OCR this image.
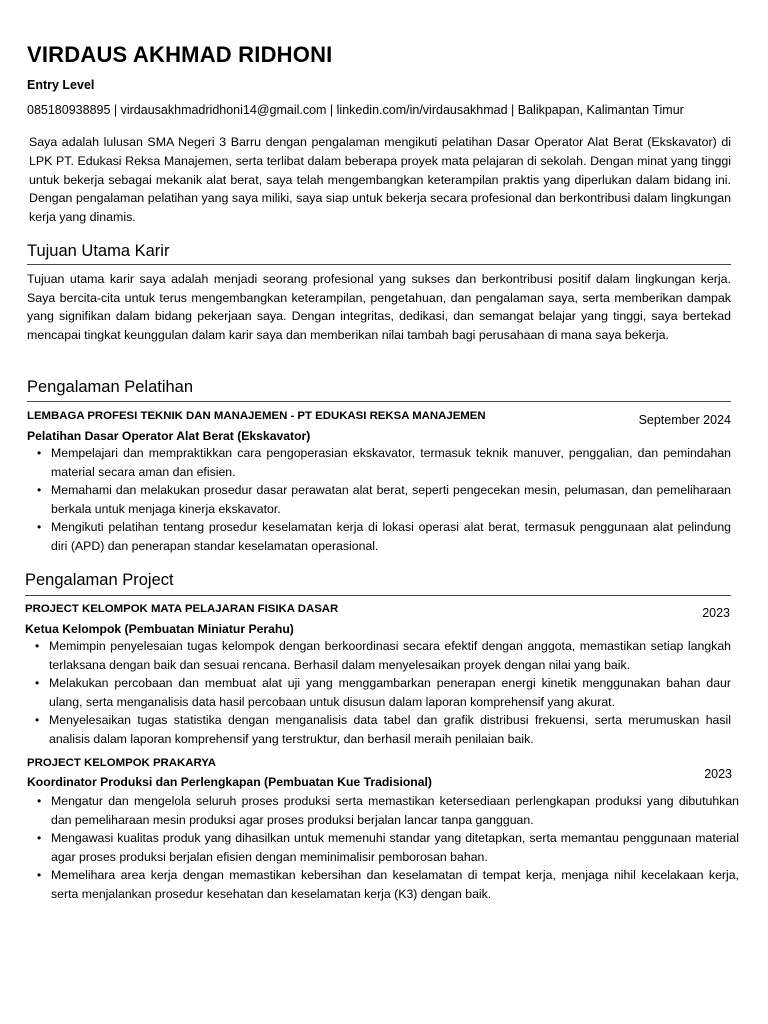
VIRDAUS AKHMAD RIDHONI
Entry Level
085180938895 | virdausakhmadridhoni14@gmail.com | linkedin.com/in/virdausakhmad | Balikpapan, Kalimantan Timur

Saya adalah lulusan SMA Negeri 3 Barru dengan pengalaman mengikuti pelatihan Dasar Operator Alat Berat (Ekskavator) di LPK PT. Edukasi Reksa Manajemen, serta terlibat dalam beberapa proyek mata pelajaran di sekolah. Dengan minat yang tinggi untuk bekerja sebagai mekanik alat berat, saya telah mengembangkan keterampilan praktis yang diperlukan dalam bidang ini. Dengan pengalaman pelatihan yang saya miliki, saya siap untuk bekerja secara profesional dan berkontribusi dalam lingkungan kerja yang dinamis.

Tujuan Utama Karir

Tujuan utama karir saya adalah menjadi seorang profesional yang sukses dan berkontribusi positif dalam lingkungan kerja. Saya bercita-cita untuk terus mengembangkan keterampilan, pengetahuan, dan pengalaman saya, serta memberikan dampak yang signifikan dalam bidang pekerjaan saya. Dengan integritas, dedikasi, dan semangat belajar yang tinggi, saya bertekad mencapai tingkat keunggulan dalam karir saya dan memberikan nilai tambah bagi perusahaan di mana saya bekerja.

Pengalaman Pelatihan
LEMBAGA PROFESI TEKNIK DAN MANAJEMEN - PT EDUKASI REKSA MANAJEMEN	September 2024
Pelatihan Dasar Operator Alat Berat (Ekskavator)
• Mempelajari dan mempraktikkan cara pengoperasian ekskavator, termasuk teknik manuver, penggalian, dan pemindahan material secara aman dan efisien.
• Memahami dan melakukan prosedur dasar perawatan alat berat, seperti pengecekan mesin, pelumasan, dan pemeliharaan berkala untuk menjaga kinerja ekskavator.
• Mengikuti pelatihan tentang prosedur keselamatan kerja di lokasi operasi alat berat, termasuk penggunaan alat pelindung diri (APD) dan penerapan standar keselamatan operasional.
Pengalaman Project
PROJECT KELOMPOK MATA PELAJARAN FISIKA DASAR	2023
Ketua Kelompok (Pembuatan Miniatur Perahu)
• Memimpin penyelesaian tugas kelompok dengan berkoordinasi secara efektif dengan anggota, memastikan setiap langkah terlaksana dengan baik dan sesuai rencana. Berhasil dalam menyelesaikan proyek dengan nilai yang baik.
• Melakukan percobaan dan membuat alat uji yang menggambarkan penerapan energi kinetik menggunakan bahan daur ulang, serta menganalisis data hasil percobaan untuk disusun dalam laporan komprehensif yang akurat.
• Menyelesaikan tugas statistika dengan menganalisis data tabel dan grafik distribusi frekuensi, serta merumuskan hasil analisis dalam laporan komprehensif yang terstruktur, dan berhasil meraih penilaian baik.
PROJECT KELOMPOK PRAKARYA
2023
Koordinator Produksi dan Perlengkapan (Pembuatan Kue Tradisional)
• Mengatur dan mengelola seluruh proses produksi serta memastikan ketersediaan perlengkapan produksi yang dibutuhkan dan pemeliharaan mesin produksi agar proses produksi berjalan lancar tanpa gangguan.
• Mengawasi kualitas produk yang dihasilkan untuk memenuhi standar yang ditetapkan, serta memantau penggunaan material agar proses produksi berjalan efisien dengan meminimalisir pemborosan bahan.
• Memelihara area kerja dengan memastikan kebersihan dan keselamatan di tempat kerja, menjaga nihil kecelakaan kerja, serta menjalankan prosedur kesehatan dan keselamatan kerja (K3) dengan baik.
